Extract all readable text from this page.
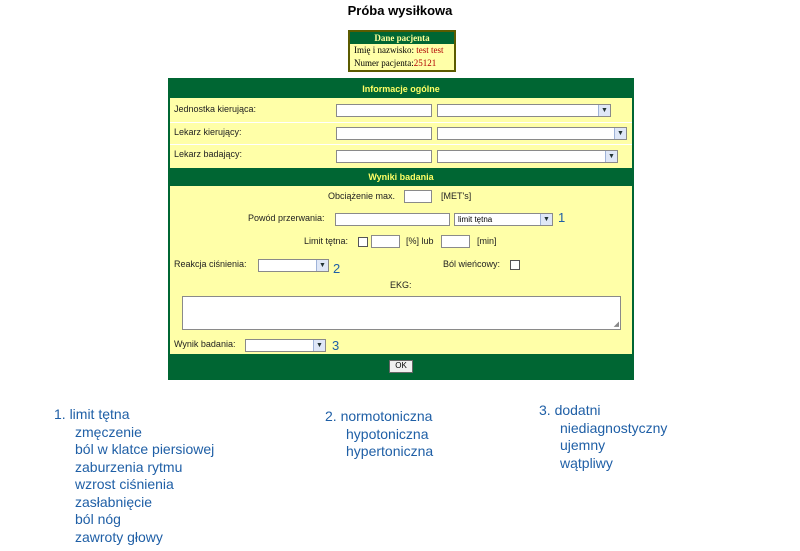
Próba wysiłkowa
Dane pacjenta
Imię i nazwisko: test test
Numer pacjenta:25121
Informacje ogólne
Jednostka kierująca:	▼
Lekarz kierujący:	▼
Lekarz badający:	▼
Wyniki badania
Obciążenie max.	[MET's]
Powód przerwania:	limit tętna	▼ 1
Limit tętna:	[%] lub	[min]
Reakcja ciśnienia:	▼ 2	Ból wieńcowy:
EKG:
◢
Wynik badania:	▼ 3
OK
1. limit tętna
zmęczenie
ból w klatce piersiowej
zaburzenia rytmu
wzrost ciśnienia
zasłabnięcie
ból nóg
zawroty głowy
2. normotoniczna
hypotoniczna
hypertoniczna
3. dodatni
niediagnostyczny
ujemny
wątpliwy
